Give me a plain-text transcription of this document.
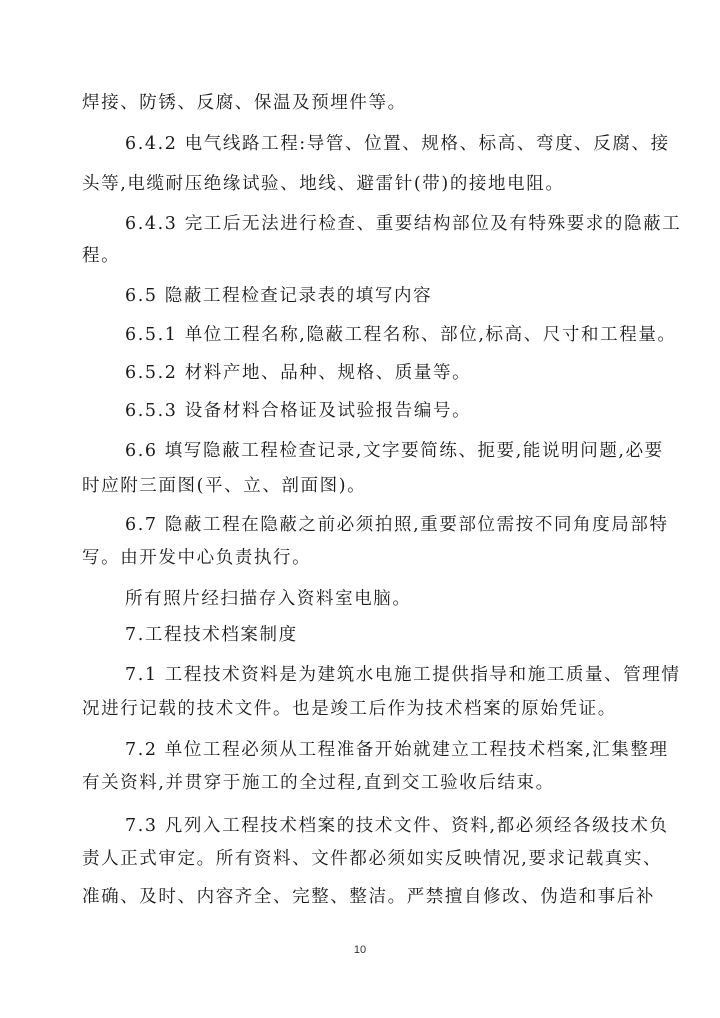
焊接、防锈、反腐、保温及预埋件等。
6.4.2 电气线路工程:导管、位置、规格、标高、弯度、反腐、接
头等,电缆耐压绝缘试验、地线、避雷针(带)的接地电阻。
6.4.3 完工后无法进行检查、重要结构部位及有特殊要求的隐蔽工
程。
6.5 隐蔽工程检查记录表的填写内容
6.5.1 单位工程名称,隐蔽工程名称、部位,标高、尺寸和工程量。
6.5.2 材料产地、品种、规格、质量等。
6.5.3 设备材料合格证及试验报告编号。
6.6 填写隐蔽工程检查记录,文字要简练、扼要,能说明问题,必要
时应附三面图(平、立、剖面图)。
6.7 隐蔽工程在隐蔽之前必须拍照,重要部位需按不同角度局部特
写。由开发中心负责执行。
所有照片经扫描存入资料室电脑。
7.工程技术档案制度
7.1 工程技术资料是为建筑水电施工提供指导和施工质量、管理情
况进行记载的技术文件。也是竣工后作为技术档案的原始凭证。
7.2 单位工程必须从工程准备开始就建立工程技术档案,汇集整理
有关资料,并贯穿于施工的全过程,直到交工验收后结束。
7.3 凡列入工程技术档案的技术文件、资料,都必须经各级技术负
责人正式审定。所有资料、文件都必须如实反映情况,要求记载真实、
准确、及时、内容齐全、完整、整洁。严禁擅自修改、伪造和事后补
10
